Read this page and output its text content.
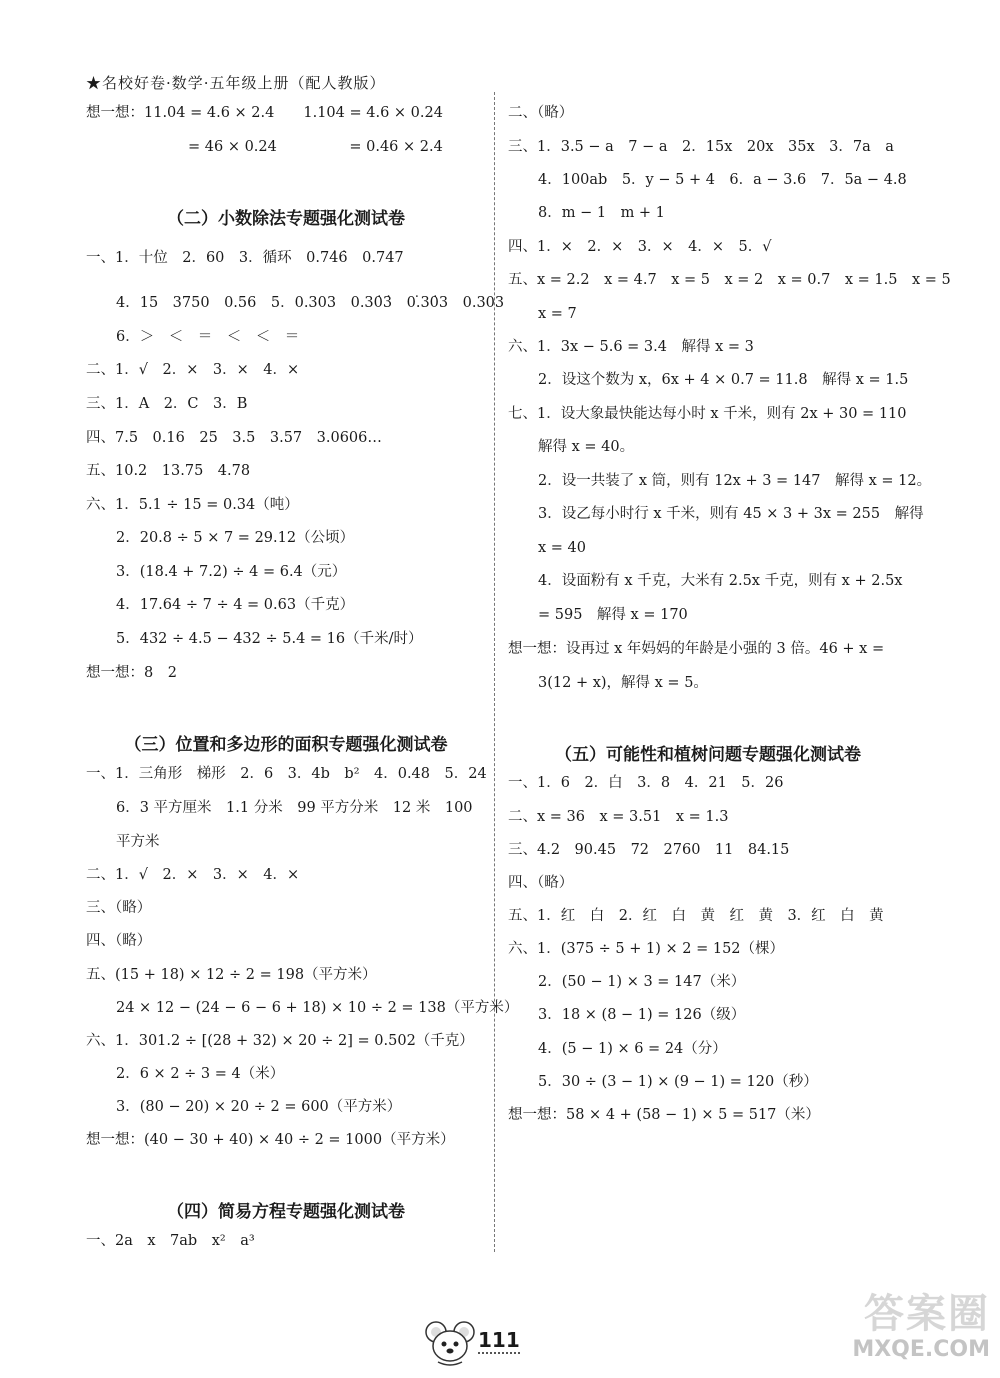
★名校好卷·数学·五年级上册（配人教版）
想一想：11.04 = 4.6 × 2.4　　1.104 = 4.6 × 0.24
= 46 × 0.24　　　　　= 0.46 × 2.4
（二）小数除法专题强化测试卷
一、1．十位　2．60　3．循环　0.74̇6̇　0.747
4．15　3750　0.56　5．0.303　0.30̇3̇　0.̇30̇3　0.303
6．＞　＜　＝　＜　＜　＝
二、1．√　2．×　3．×　4．×
三、1．A　2．C　3．B
四、7.5　0.16　25　3.5　3.57　3.0606…
五、10.2　13.75　4.78
六、1．5.1 ÷ 15 = 0.34（吨）
2．20.8 ÷ 5 × 7 = 29.12（公顷）
3．(18.4 + 7.2) ÷ 4 = 6.4（元）
4．17.64 ÷ 7 ÷ 4 = 0.63（千克）
5．432 ÷ 4.5 − 432 ÷ 5.4 = 16（千米/时）
想一想：8　2
（三）位置和多边形的面积专题强化测试卷
一、1．三角形　梯形　2．6　3．4b　b²　4．0.48　5．24
6．3 平方厘米　1.1 分米　99 平方分米　12 米　100
平方米
二、1．√　2．×　3．×　4．×
三、（略）
四、（略）
五、(15 + 18) × 12 ÷ 2 = 198（平方米）
24 × 12 − (24 − 6 − 6 + 18) × 10 ÷ 2 = 138（平方米）
六、1．301.2 ÷ [(28 + 32) × 20 ÷ 2] = 0.502（千克）
2．6 × 2 ÷ 3 = 4（米）
3．(80 − 20) × 20 ÷ 2 = 600（平方米）
想一想：(40 − 30 + 40) × 40 ÷ 2 = 1000（平方米）
（四）简易方程专题强化测试卷
一、2a　x　7ab　x²　a³
二、（略）
三、1．3.5 − a　7 − a　2．15x　20x　35x　3．7a　a
4．100ab　5．y − 5 + 4　6．a − 3.6　7．5a − 4.8
8．m − 1　m + 1
四、1．×　2．×　3．×　4．×　5．√
五、x = 2.2　x = 4.7　x = 5　x = 2　x = 0.7　x = 1.5　x = 5
x = 7
六、1．3x − 5.6 = 3.4　解得 x = 3
2．设这个数为 x，6x + 4 × 0.7 = 11.8　解得 x = 1.5
七、1．设大象最快能达每小时 x 千米，则有 2x + 30 = 110
解得 x = 40。
2．设一共装了 x 筒，则有 12x + 3 = 147　解得 x = 12。
3．设乙每小时行 x 千米，则有 45 × 3 + 3x = 255　解得
x = 40
4．设面粉有 x 千克，大米有 2.5x 千克，则有 x + 2.5x
= 595　解得 x = 170
想一想：设再过 x 年妈妈的年龄是小强的 3 倍。46 + x =
3(12 + x)，解得 x = 5。
（五）可能性和植树问题专题强化测试卷
一、1．6　2．白　3．8　4．21　5．26
二、x = 36　x = 3.51　x = 1.3
三、4.2　90.45　72　2760　11　84.15
四、（略）
五、1．红　白　2．红　白　黄　红　黄　3．红　白　黄
六、1．(375 ÷ 5 + 1) × 2 = 152（棵）
2．(50 − 1) × 3 = 147（米）
3．18 × (8 − 1) = 126（级）
4．(5 − 1) × 6 = 24（分）
5．30 ÷ (3 − 1) × (9 − 1) = 120（秒）
想一想：58 × 4 + (58 − 1) × 5 = 517（米）
111
答案圈
MXQE.COM
